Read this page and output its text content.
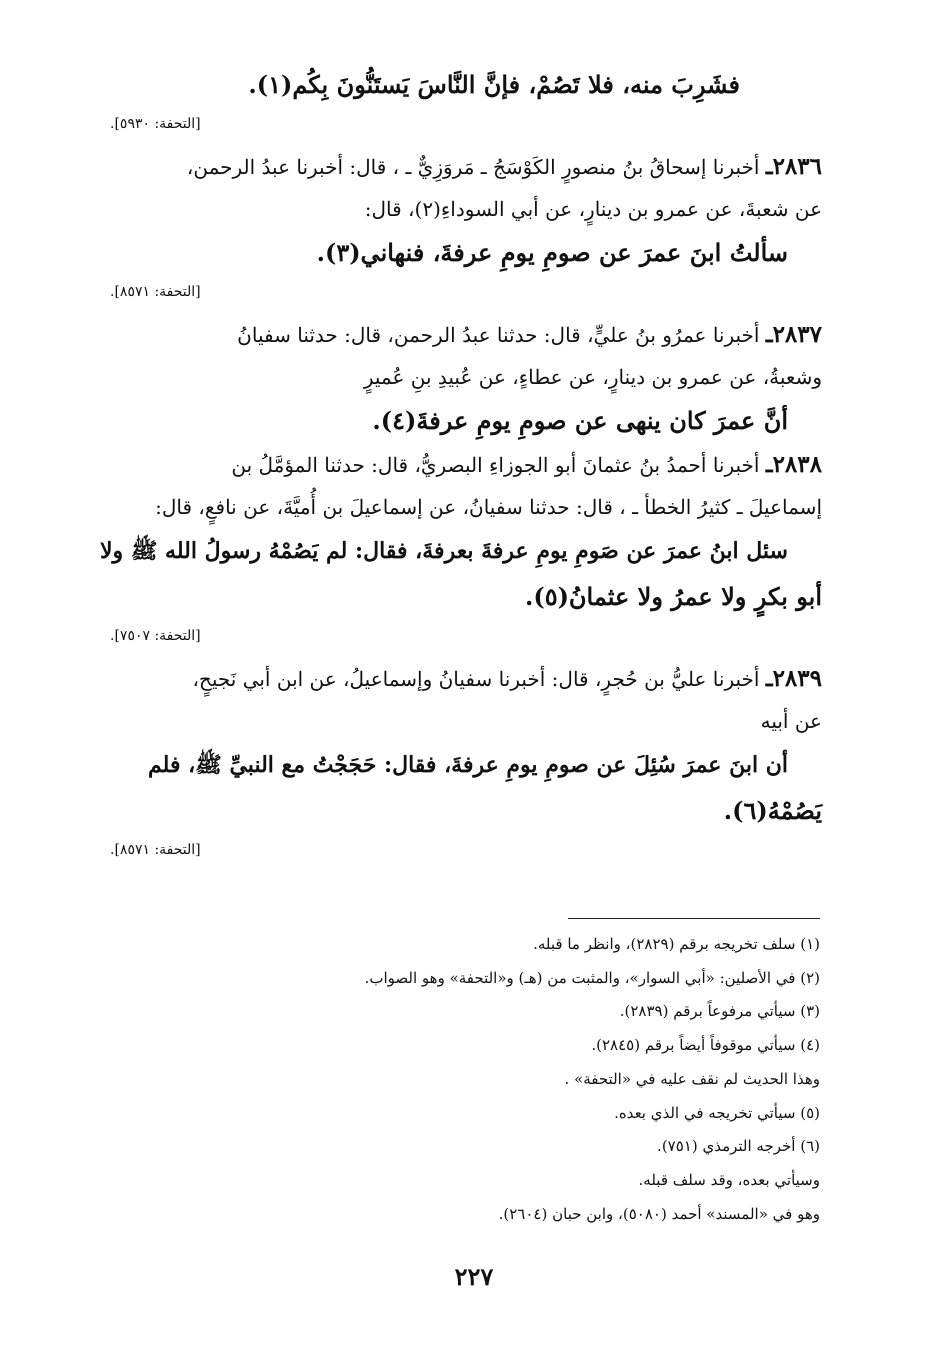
فشَرِبَ منه، فلا تَصُمْ، فإنَّ النَّاسَ يَستَنُّونَ بِكُم(١).

[التحفة: ٥٩٣٠].

٢٨٣٦ـ أخبرنا إسحاقُ بنُ منصورٍ الكَوْسَجُ ـ مَروَزِيٌّ ـ ، قال: أخبرنا عبدُ الرحمن،

عن شعبةَ، عن عمرو بن دينارٍ، عن أبي السوداءِ(٢)، قال:

سألتُ ابنَ عمرَ عن صومِ يومِ عرفةَ، فنهاني(٣).

[التحفة: ٨٥٧١].

٢٨٣٧ـ أخبرنا عمرُو بنُ عليٍّ، قال: حدثنا عبدُ الرحمن، قال: حدثنا سفيانُ

وشعبةُ، عن عمرو بن دينارٍ، عن عطاءٍ، عن عُبيدِ بنِ عُميرٍ

أنَّ عمرَ كان ينهى عن صومِ يومِ عرفةَ(٤).

٢٨٣٨ـ أخبرنا أحمدُ بنُ عثمانَ أبو الجوزاءِ البصريُّ، قال: حدثنا المؤمَّلُ بن

إسماعيلَ ـ كثيرُ الخطأ ـ ، قال: حدثنا سفيانُ، عن إسماعيلَ بن أُميَّةَ، عن نافعٍ، قال:

سئل ابنُ عمرَ عن صَومِ يومِ عرفةَ بعرفةَ، فقال: لم يَصُمْهُ رسولُ الله ﷺ ولا

أبو بكرٍ ولا عمرُ ولا عثمانُ(٥).

[التحفة: ٧٥٠٧].

٢٨٣٩ـ أخبرنا عليُّ بن حُجرٍ، قال: أخبرنا سفيانُ وإسماعيلُ، عن ابن أبي نَجيحٍ،

عن أبيه

أن ابنَ عمرَ سُئِلَ عن صومِ يومِ عرفةَ، فقال: حَجَجْتُ مع النبيِّ ﷺ، فلم

يَصُمْهُ(٦).

[التحفة: ٨٥٧١].

(١) سلف تخريجه برقم (٢٨٢٩)، وانظر ما قبله.

(٢) في الأصلين: «أبي السوار»، والمثبت من (هـ) و«التحفة» وهو الصواب.

(٣) سيأتي مرفوعاً برقم (٢٨٣٩).

(٤) سيأتي موقوفاً أيضاً برقم (٢٨٤٥).

وهذا الحديث لم نقف عليه في «التحفة» .

(٥) سيأتي تخريجه في الذي بعده.

(٦) أخرجه الترمذي (٧٥١).

وسيأتي بعده، وقد سلف قبله.

وهو في «المسند» أحمد (٥٠٨٠)، وابن حبان (٢٦٠٤).

٢٢٧
